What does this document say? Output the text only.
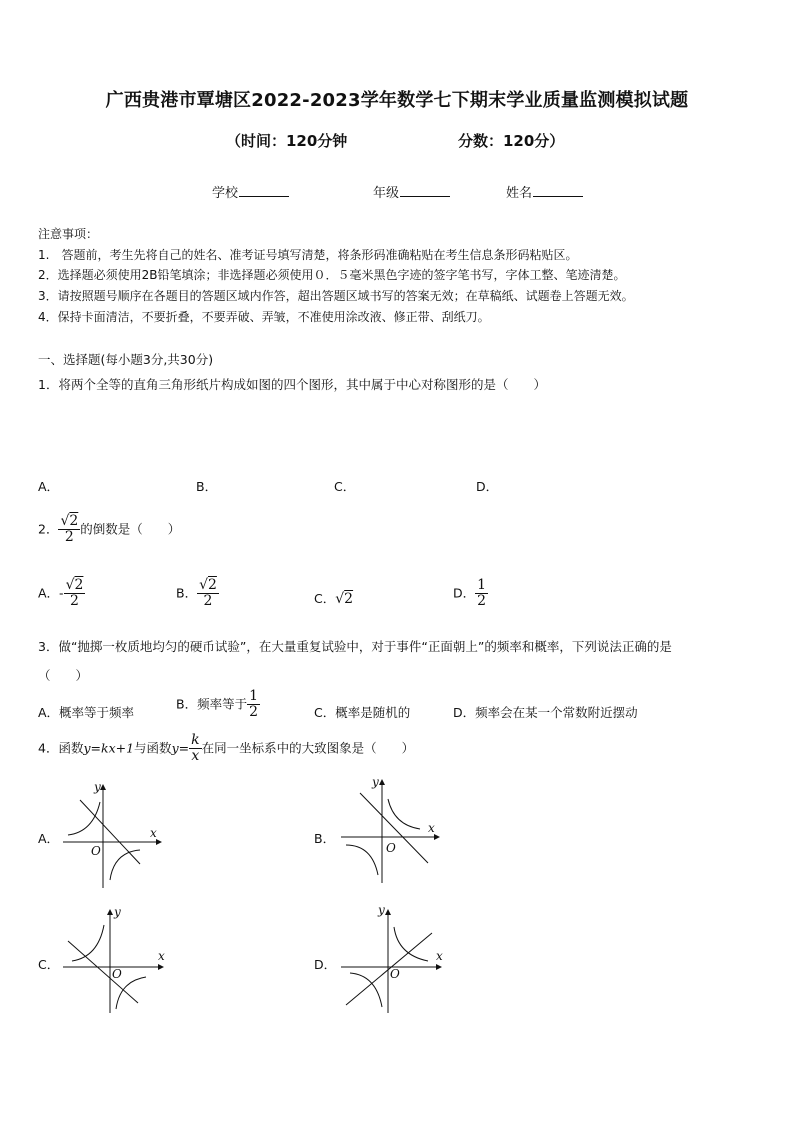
广西贵港市覃塘区2022-2023学年数学七下期末学业质量监测模拟试题
（时间：120分钟	分数：120分）
学校	年级	姓名
注意事项：
1.　答题前，考生先将自己的姓名、准考证号填写清楚，将条形码准确粘贴在考生信息条形码粘贴区。
2．选择题必须使用2B铅笔填涂；非选择题必须使用０．５毫米黑色字迹的签字笔书写，字体工整、笔迹清楚。
3．请按照题号顺序在各题目的答题区域内作答，超出答题区域书写的答案无效；在草稿纸、试题卷上答题无效。
4．保持卡面清洁，不要折叠，不要弄破、弄皱，不准使用涂改液、修正带、刮纸刀。
一、选择题(每小题3分,共30分)
1．将两个全等的直角三角形纸片构成如图的四个图形，其中属于中心对称图形的是（　　）
A．	B．	C．	D．
2． $\frac{√2}{2}$ 的倒数是（　　）
A．- $\frac{√2}{2}$	B． $\frac{√2}{2}$	C．√2	D． $\frac{1}{2}$
3．做“抛掷一枚质地均匀的硬币试验”，在大量重复试验中，对于事件“正面朝上”的频率和概率，下列说法正确的是
（　　）
A．概率等于频率
B．频率等于 $\frac{1}{2}$	C．概率是随机的	D．频率会在某一个常数附近摆动
4．函数y=kx+1与函数$y= \frac{k}{x}$ 在同一坐标系中的大致图象是（　　）
A．	B．
C．	D．
y
x
O
y
x
O
y
x
O
y
x
O
